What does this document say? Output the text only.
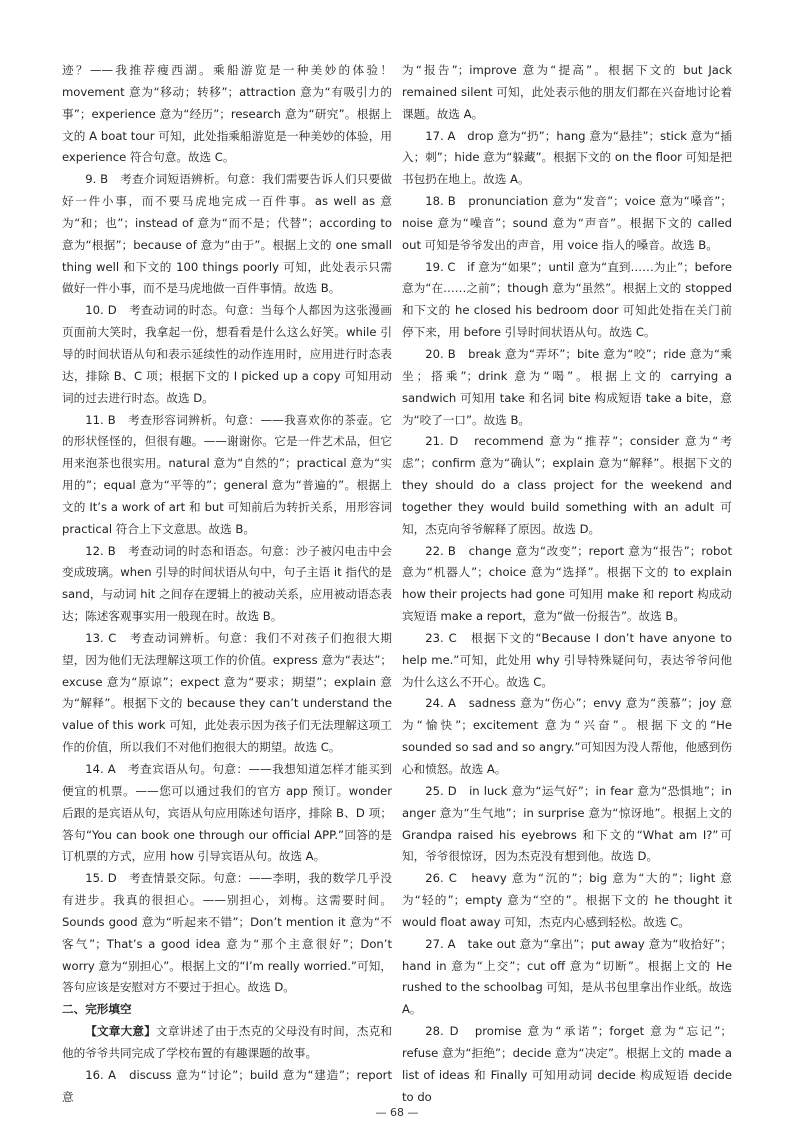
迹？——我推荐瘦西湖。乘船游览是一种美妙的体验！movement 意为“移动；转移”；attraction 意为“有吸引力的事”；experience 意为“经历”；research 意为“研究”。根据上文的 A boat tour 可知，此处指乘船游览是一种美妙的体验，用 experience 符合句意。故选 C。

9. B　考查介词短语辨析。句意：我们需要告诉人们只要做好一件小事，而不要马虎地完成一百件事。as well as 意为“和；也”；instead of 意为“而不是；代替”；according to 意为“根据”；because of 意为“由于”。根据上文的 one small thing well 和下文的 100 things poorly 可知，此处表示只需做好一件小事，而不是马虎地做一百件事情。故选 B。

10. D　考查动词的时态。句意：当每个人都因为这张漫画页面前大笑时，我拿起一份，想看看是什么这么好笑。while 引导的时间状语从句和表示延续性的动作连用时，应用进行时态表达，排除 B、C 项；根据下文的 I picked up a copy 可知用动词的过去进行时态。故选 D。

11. B　考查形容词辨析。句意：——我喜欢你的茶壶。它的形状怪怪的，但很有趣。——谢谢你。它是一件艺术品，但它用来泡茶也很实用。natural 意为“自然的”；practical 意为“实用的”；equal 意为“平等的”；general 意为“普遍的”。根据上文的 It’s a work of art 和 but 可知前后为转折关系，用形容词 practical 符合上下文意思。故选 B。

12. B　考查动词的时态和语态。句意：沙子被闪电击中会变成玻璃。when 引导的时间状语从句中，句子主语 it 指代的是 sand，与动词 hit 之间存在逻辑上的被动关系，应用被动语态表达；陈述客观事实用一般现在时。故选 B。

13. C　考查动词辨析。句意：我们不对孩子们抱很大期望，因为他们无法理解这项工作的价值。express 意为“表达”；excuse 意为“原谅”；expect 意为“要求；期望”；explain 意为“解释”。根据下文的 because they can’t understand the value of this work 可知，此处表示因为孩子们无法理解这项工作的价值，所以我们不对他们抱很大的期望。故选 C。

14. A　考查宾语从句。句意：——我想知道怎样才能买到便宜的机票。——您可以通过我们的官方 app 预订。wonder 后跟的是宾语从句，宾语从句应用陈述句语序，排除 B、D 项；答句“You can book one through our official APP.”回答的是订机票的方式，应用 how 引导宾语从句。故选 A。

15. D　考查情景交际。句意：——李明，我的数学几乎没有进步。我真的很担心。——别担心，刘梅。这需要时间。Sounds good 意为“听起来不错”；Don’t mention it 意为“不客气”；That’s a good idea 意为“那个主意很好”；Don’t worry 意为“别担心”。根据上文的“I’m really worried.”可知，答句应该是安慰对方不要过于担心。故选 D。

二、完形填空

【文章大意】文章讲述了由于杰克的父母没有时间，杰克和他的爷爷共同完成了学校布置的有趣课题的故事。

16. A　discuss 意为“讨论”；build 意为“建造”；report 意

为“报告”；improve 意为“提高”。根据下文的 but Jack remained silent 可知，此处表示他的朋友们都在兴奋地讨论着课题。故选 A。

17. A　drop 意为“扔”；hang 意为“悬挂”；stick 意为“插入；刺”；hide 意为“躲藏”。根据下文的 on the floor 可知是把书包扔在地上。故选 A。

18. B　pronunciation 意为“发音”；voice 意为“嗓音”；noise 意为“噪音”；sound 意为“声音”。根据下文的 called out 可知是爷爷发出的声音，用 voice 指人的嗓音。故选 B。

19. C　if 意为“如果”；until 意为“直到……为止”；before 意为“在……之前”；though 意为“虽然”。根据上文的 stopped 和下文的 he closed his bedroom door 可知此处指在关门前停下来，用 before 引导时间状语从句。故选 C。

20. B　break 意为“弄坏”；bite 意为“咬”；ride 意为“乘坐；搭乘”；drink 意为“喝”。根据上文的 carrying a sandwich 可知用 take 和名词 bite 构成短语 take a bite，意为“咬了一口”。故选 B。

21. D　recommend 意为“推荐”；consider 意为“考虑”；confirm 意为“确认”；explain 意为“解释”。根据下文的 they should do a class project for the weekend and together they would build something with an adult 可知，杰克向爷爷解释了原因。故选 D。

22. B　change 意为“改变”；report 意为“报告”；robot 意为“机器人”；choice 意为“选择”。根据下文的 to explain how their projects had gone 可知用 make 和 report 构成动宾短语 make a report，意为“做一份报告”。故选 B。

23. C　根据下文的“Because I don’t have anyone to help me.”可知，此处用 why 引导特殊疑问句，表达爷爷问他为什么这么不开心。故选 C。

24. A　sadness 意为“伤心”；envy 意为“羡慕”；joy 意为“愉快”；excitement 意为“兴奋”。根据下文的“He sounded so sad and so angry.”可知因为没人帮他，他感到伤心和愤怒。故选 A。

25. D　in luck 意为“运气好”；in fear 意为“恐惧地”；in anger 意为“生气地”；in surprise 意为“惊讶地”。根据上文的 Grandpa raised his eyebrows 和下文的“What am I?”可知，爷爷很惊讶，因为杰克没有想到他。故选 D。

26. C　heavy 意为“沉的”；big 意为“大的”；light 意为“轻的”；empty 意为“空的”。根据下文的 he thought it would float away 可知，杰克内心感到轻松。故选 C。

27. A　take out 意为“拿出”；put away 意为“收拾好”；hand in 意为“上交”；cut off 意为“切断”。根据上文的 He rushed to the schoolbag 可知，是从书包里拿出作业纸。故选 A。

28. D　promise 意为“承诺”；forget 意为“忘记”；refuse 意为“拒绝”；decide 意为“决定”。根据上文的 made a list of ideas 和 Finally 可知用动词 decide 构成短语 decide to do

— 68 —
